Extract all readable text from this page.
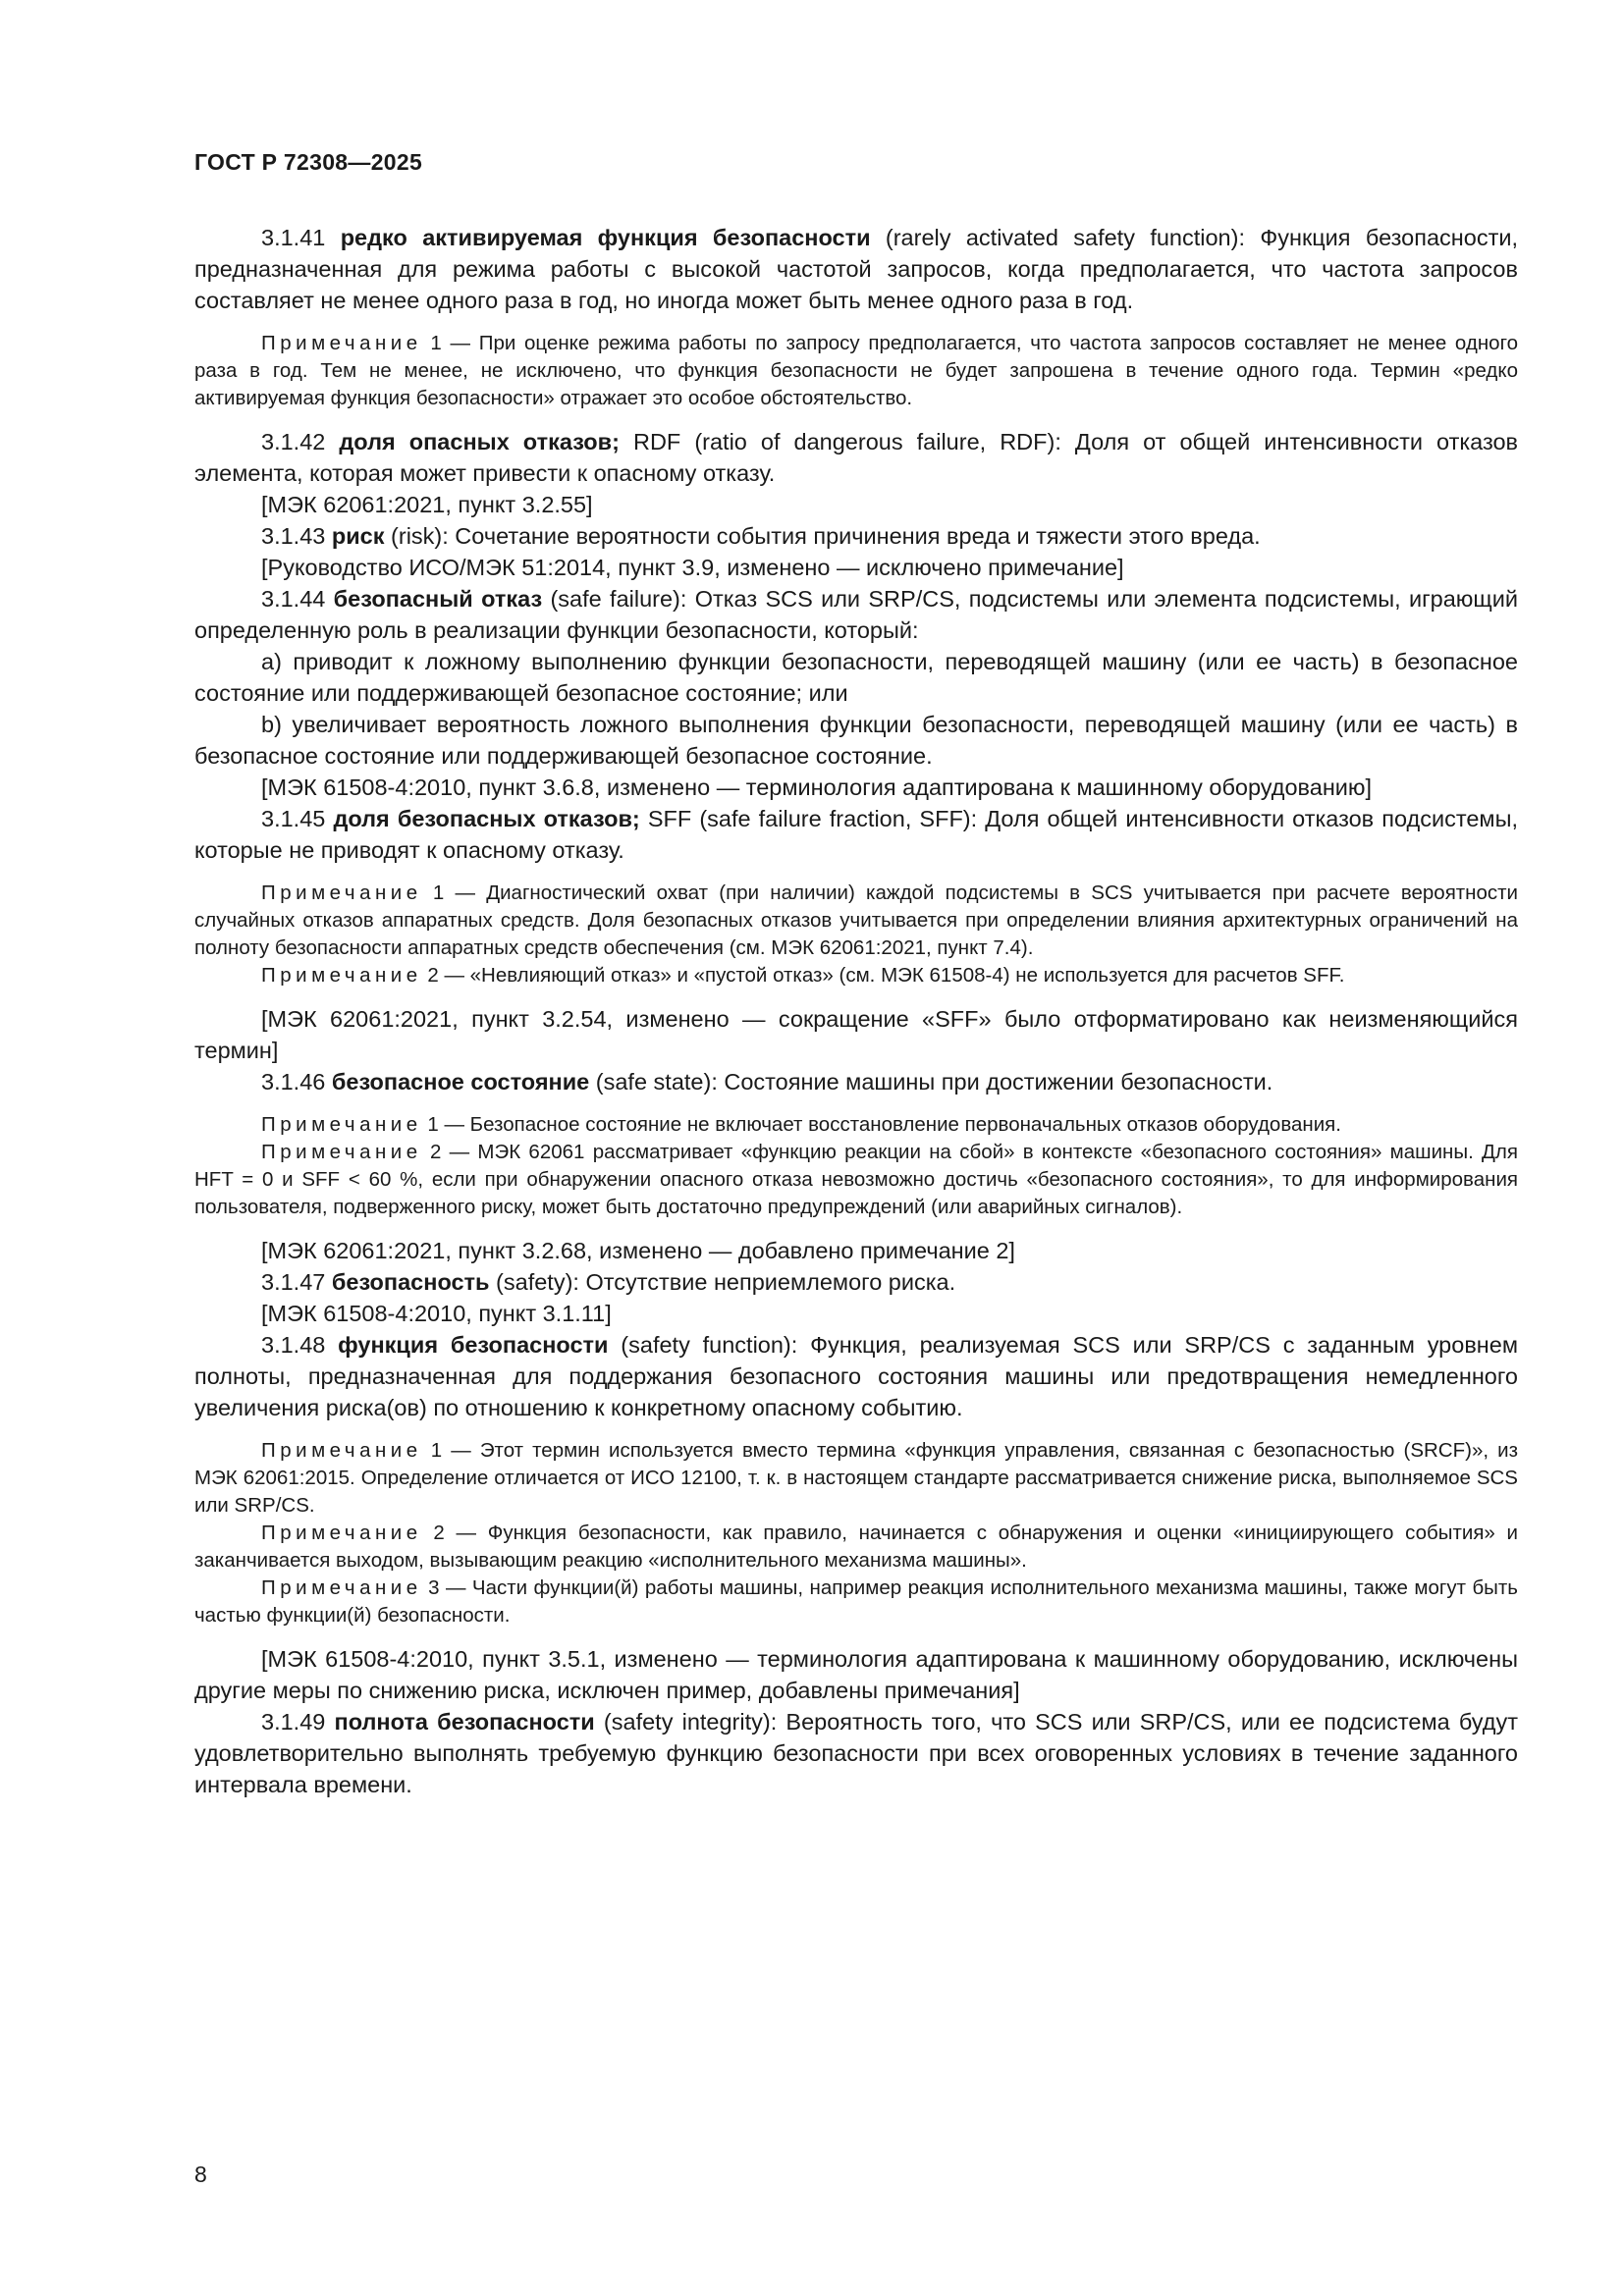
ГОСТ Р 72308—2025

3.1.41 редко активируемая функция безопасности (rarely activated safety function): Функция безопасности, предназначенная для режима работы с высокой частотой запросов, когда предполагается, что частота запросов составляет не менее одного раза в год, но иногда может быть менее одного раза в год.

Примечание 1 — При оценке режима работы по запросу предполагается, что частота запросов составляет не менее одного раза в год. Тем не менее, не исключено, что функция безопасности не будет запрошена в течение одного года. Термин «редко активируемая функция безопасности» отражает это особое обстоятельство.

3.1.42 доля опасных отказов; RDF (ratio of dangerous failure, RDF): Доля от общей интенсивности отказов элемента, которая может привести к опасному отказу.

[МЭК 62061:2021, пункт 3.2.55]

3.1.43 риск (risk): Сочетание вероятности события причинения вреда и тяжести этого вреда.

[Руководство ИСО/МЭК 51:2014, пункт 3.9, изменено — исключено примечание]

3.1.44 безопасный отказ (safe failure): Отказ SCS или SRP/CS, подсистемы или элемента подсистемы, играющий определенную роль в реализации функции безопасности, который:

а) приводит к ложному выполнению функции безопасности, переводящей машину (или ее часть) в безопасное состояние или поддерживающей безопасное состояние; или

b) увеличивает вероятность ложного выполнения функции безопасности, переводящей машину (или ее часть) в безопасное состояние или поддерживающей безопасное состояние.

[МЭК 61508-4:2010, пункт 3.6.8, изменено — терминология адаптирована к машинному оборудованию]

3.1.45 доля безопасных отказов; SFF (safe failure fraction, SFF): Доля общей интенсивности отказов подсистемы, которые не приводят к опасному отказу.

Примечание 1 — Диагностический охват (при наличии) каждой подсистемы в SCS учитывается при расчете вероятности случайных отказов аппаратных средств. Доля безопасных отказов учитывается при определении влияния архитектурных ограничений на полноту безопасности аппаратных средств обеспечения (см. МЭК 62061:2021, пункт 7.4).

Примечание 2 — «Невлияющий отказ» и «пустой отказ» (см. МЭК 61508-4) не используется для расчетов SFF.

[МЭК 62061:2021, пункт 3.2.54, изменено — сокращение «SFF» было отформатировано как неизменяющийся термин]

3.1.46 безопасное состояние (safe state): Состояние машины при достижении безопасности.

Примечание 1 — Безопасное состояние не включает восстановление первоначальных отказов оборудования.

Примечание 2 — МЭК 62061 рассматривает «функцию реакции на сбой» в контексте «безопасного состояния» машины. Для HFT = 0 и SFF < 60 %, если при обнаружении опасного отказа невозможно достичь «безопасного состояния», то для информирования пользователя, подверженного риску, может быть достаточно предупреждений (или аварийных сигналов).

[МЭК 62061:2021, пункт 3.2.68, изменено — добавлено примечание 2]

3.1.47 безопасность (safety): Отсутствие неприемлемого риска.

[МЭК 61508-4:2010, пункт 3.1.11]

3.1.48 функция безопасности (safety function): Функция, реализуемая SCS или SRP/CS с заданным уровнем полноты, предназначенная для поддержания безопасного состояния машины или предотвращения немедленного увеличения риска(ов) по отношению к конкретному опасному событию.

Примечание 1 — Этот термин используется вместо термина «функция управления, связанная с безопасностью (SRCF)», из МЭК 62061:2015. Определение отличается от ИСО 12100, т. к. в настоящем стандарте рассматривается снижение риска, выполняемое SCS или SRP/CS.

Примечание 2 — Функция безопасности, как правило, начинается с обнаружения и оценки «инициирующего события» и заканчивается выходом, вызывающим реакцию «исполнительного механизма машины».

Примечание 3 — Части функции(й) работы машины, например реакция исполнительного механизма машины, также могут быть частью функции(й) безопасности.

[МЭК 61508-4:2010, пункт 3.5.1, изменено — терминология адаптирована к машинному оборудованию, исключены другие меры по снижению риска, исключен пример, добавлены примечания]

3.1.49 полнота безопасности (safety integrity): Вероятность того, что SCS или SRP/CS, или ее подсистема будут удовлетворительно выполнять требуемую функцию безопасности при всех оговоренных условиях в течение заданного интервала времени.

8
